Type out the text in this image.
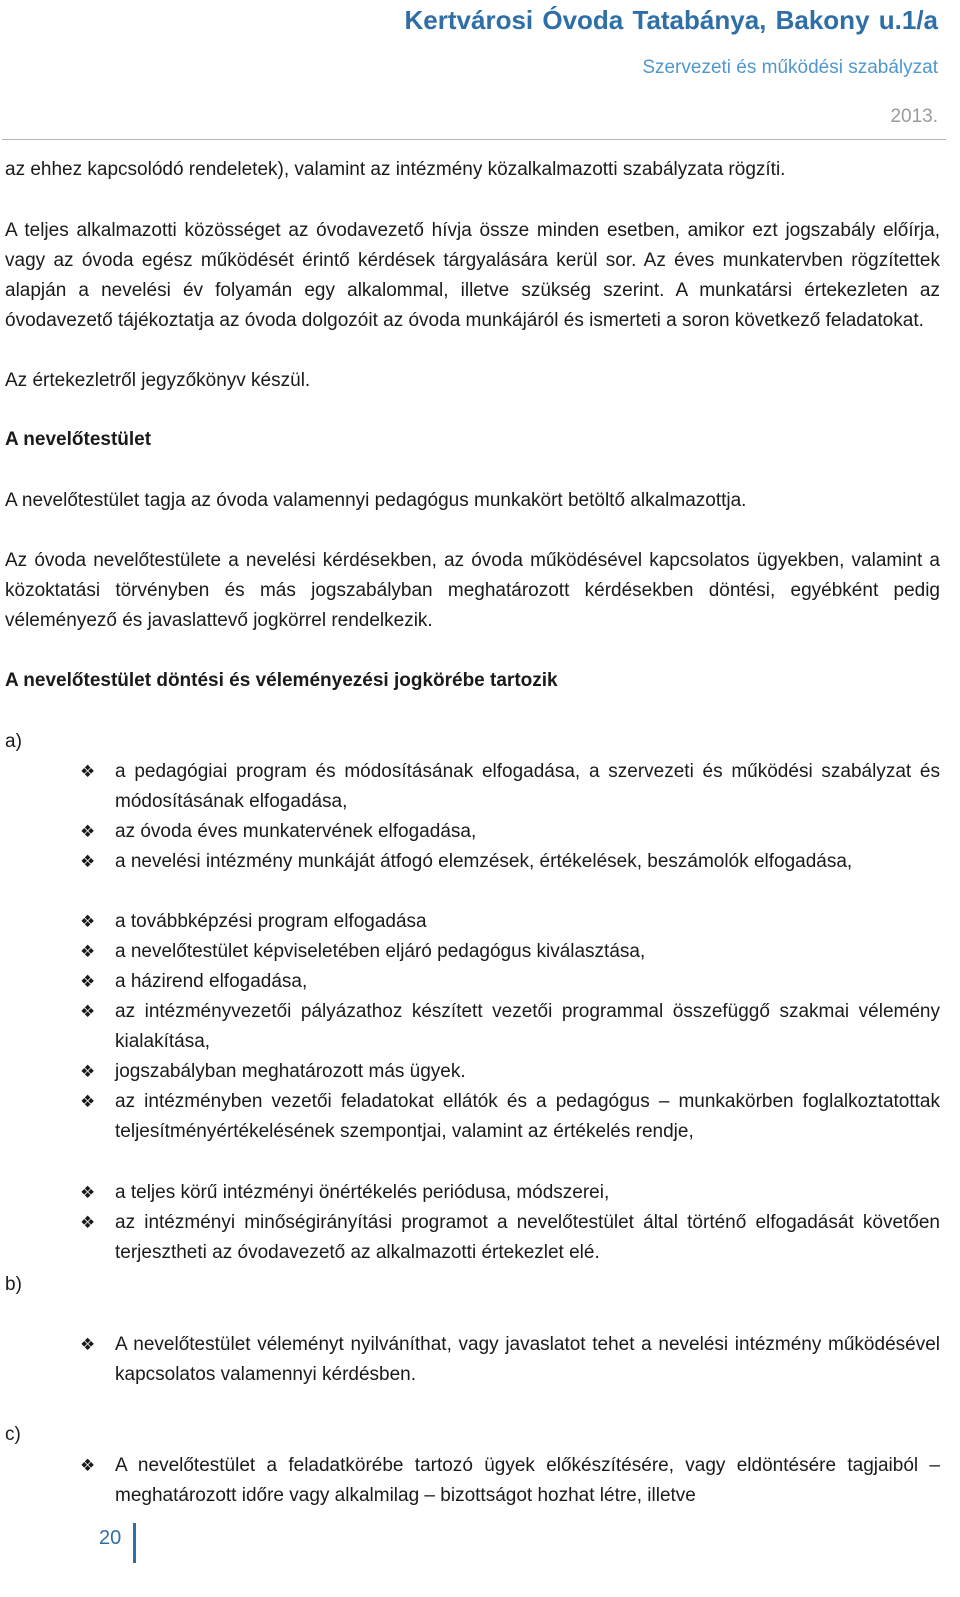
Kertvárosi Óvoda Tatabánya, Bakony u.1/a
Szervezeti és működési szabályzat
2013.

az ehhez kapcsolódó rendeletek), valamint az intézmény közalkalmazotti szabályzata rögzíti.

A teljes alkalmazotti közösséget az óvodavezető hívja össze minden esetben, amikor ezt jogszabály előírja, vagy az óvoda egész működését érintő kérdések tárgyalására kerül sor. Az éves munkatervben rögzítettek alapján a nevelési év folyamán egy alkalommal, illetve szükség szerint. A munkatársi értekezleten az óvodavezető tájékoztatja az óvoda dolgozóit az óvoda munkájáról és ismerteti a soron következő feladatokat.

Az értekezletről jegyzőkönyv készül.

A nevelőtestület

A nevelőtestület tagja az óvoda valamennyi pedagógus munkakört betöltő alkalmazottja.

Az óvoda nevelőtestülete a nevelési kérdésekben, az óvoda működésével kapcsolatos ügyekben, valamint a közoktatási törvényben és más jogszabályban meghatározott kérdésekben döntési, egyébként pedig véleményező és javaslattevő jogkörrel rendelkezik.

A nevelőtestület döntési és véleményezési jogkörébe tartozik

a)
❖ a pedagógiai program és módosításának elfogadása, a szervezeti és működési szabályzat és módosításának elfogadása,

❖ az óvoda éves munkatervének elfogadása,

❖ a nevelési intézmény munkáját átfogó elemzések, értékelések, beszámolók elfogadása,

❖ a továbbképzési program elfogadása

❖ a nevelőtestület képviseletében eljáró pedagógus kiválasztása,

❖ a házirend elfogadása,

❖ az intézményvezetői pályázathoz készített vezetői programmal összefüggő szakmai vélemény kialakítása,

❖ jogszabályban meghatározott más ügyek.

❖ az intézményben vezetői feladatokat ellátók és a pedagógus – munkakörben foglalkoztatottak teljesítményértékelésének szempontjai, valamint az értékelés rendje,

❖ a teljes körű intézményi önértékelés periódusa, módszerei,

❖ az intézményi minőségirányítási programot a nevelőtestület által történő elfogadását követően terjesztheti az óvodavezető az alkalmazotti értekezlet elé.

b)
❖ A nevelőtestület véleményt nyilváníthat, vagy javaslatot tehet a nevelési intézmény működésével kapcsolatos valamennyi kérdésben.

c)
❖ A nevelőtestület a feladatkörébe tartozó ügyek előkészítésére, vagy eldöntésére tagjaiból – meghatározott időre vagy alkalmilag – bizottságot hozhat létre, illetve

20
